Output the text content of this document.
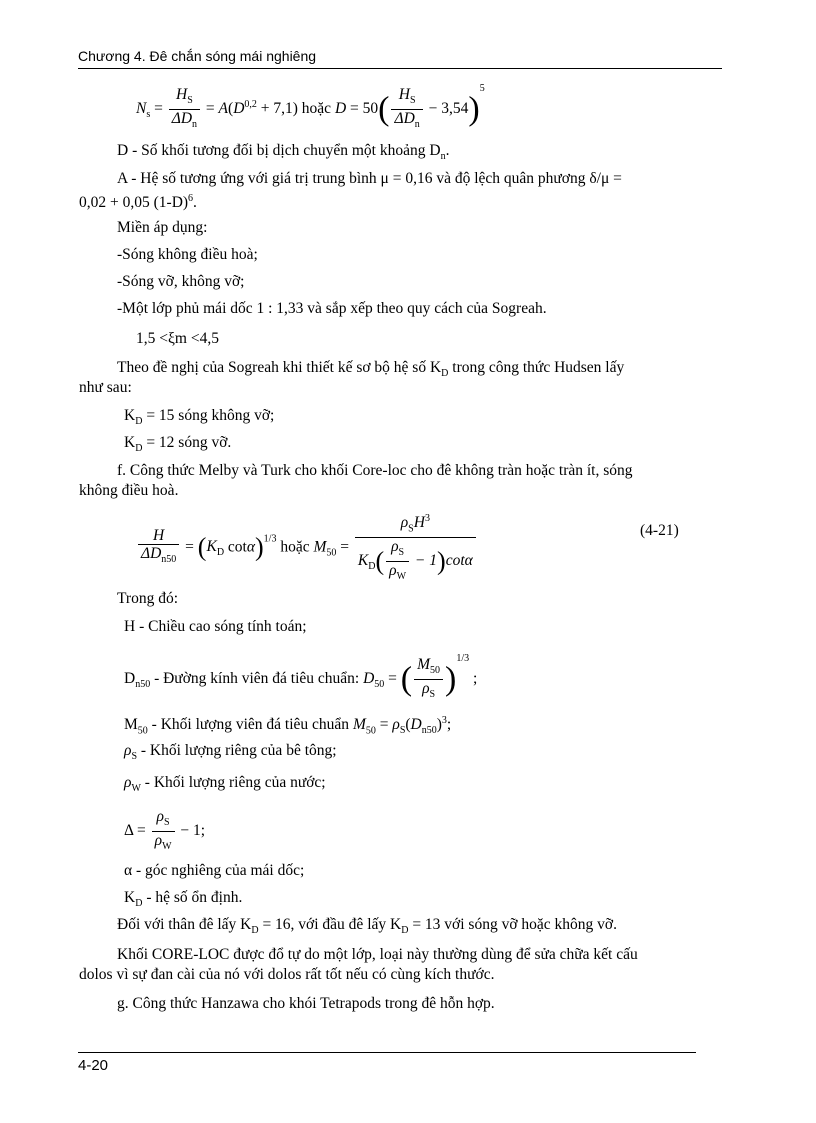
Chương 4. Đê chắn sóng mái nghiêng
$N_s = \frac{H_S}{\Delta D_n} = A(D^{0,2} + 7,1)$ hoặc $D = 50( \frac{H_S}{\Delta D_n} - 3,54)^5$
D - Số khối tương đối bị dịch chuyển một khoảng $D_n$.
A - Hệ số tương ứng với giá trị trung bình μ = 0,16 và độ lệch quân phương δ/μ =
0,02 + 0,05 $(1-D)^6$.
Miền áp dụng:
-Sóng không điều hoà;
-Sóng vỡ, không vỡ;
-Một lớp phủ mái dốc 1 : 1,33 và sắp xếp theo quy cách của Sogreah.
1,5 <ξm <4,5
Theo đề nghị của Sogreah khi thiết kế sơ bộ hệ số $K_D$ trong công thức Hudsen lấy
như sau:
$K_D = 15$ sóng không vỡ;
$K_D = 12$ sóng vỡ.
f. Công thức Melby và Turk cho khối Core-loc cho đê không tràn hoặc tràn ít, sóng
không điều hoà.
$\frac{H}{\Delta D_{n50}} = (K_D$ cotα)$^{1/3}$ hoặc $M_{50} = \frac{\rho_SH^3}{K_D( \frac{\rho_S}{\rho_W} - 1)\cot\alpha}$	(4-21)
Trong đó:
H - Chiều cao sóng tính toán;
$D_{n50}$ - Đường kính viên đá tiêu chuẩn: $D_{50}$ = ( $\frac{M_{50}}{\rho_S} )^{1/3}$ ;
$M_{50}$ - Khối lượng viên đá tiêu chuẩn $M_{50} = \rho_S(D_{n50})^3$;
$\rho_S$ - Khối lượng riêng của bê tông;
$\rho_W$ - Khối lượng riêng của nước;
$\Delta = \frac{\rho_S}{\rho_W} - 1$;
α - góc nghiêng của mái dốc;
$K_D$ - hệ số ổn định.
Đối với thân đê lấy $K_D = 16$, với đầu đê lấy $K_D = 13$ với sóng vỡ hoặc không vỡ.
Khối CORE-LOC được đổ tự do một lớp, loại này thường dùng để sửa chữa kết cấu
dolos vì sự đan cài của nó với dolos rất tốt nếu có cùng kích thước.
g. Công thức Hanzawa cho khói Tetrapods trong đê hỗn hợp.
4-20
